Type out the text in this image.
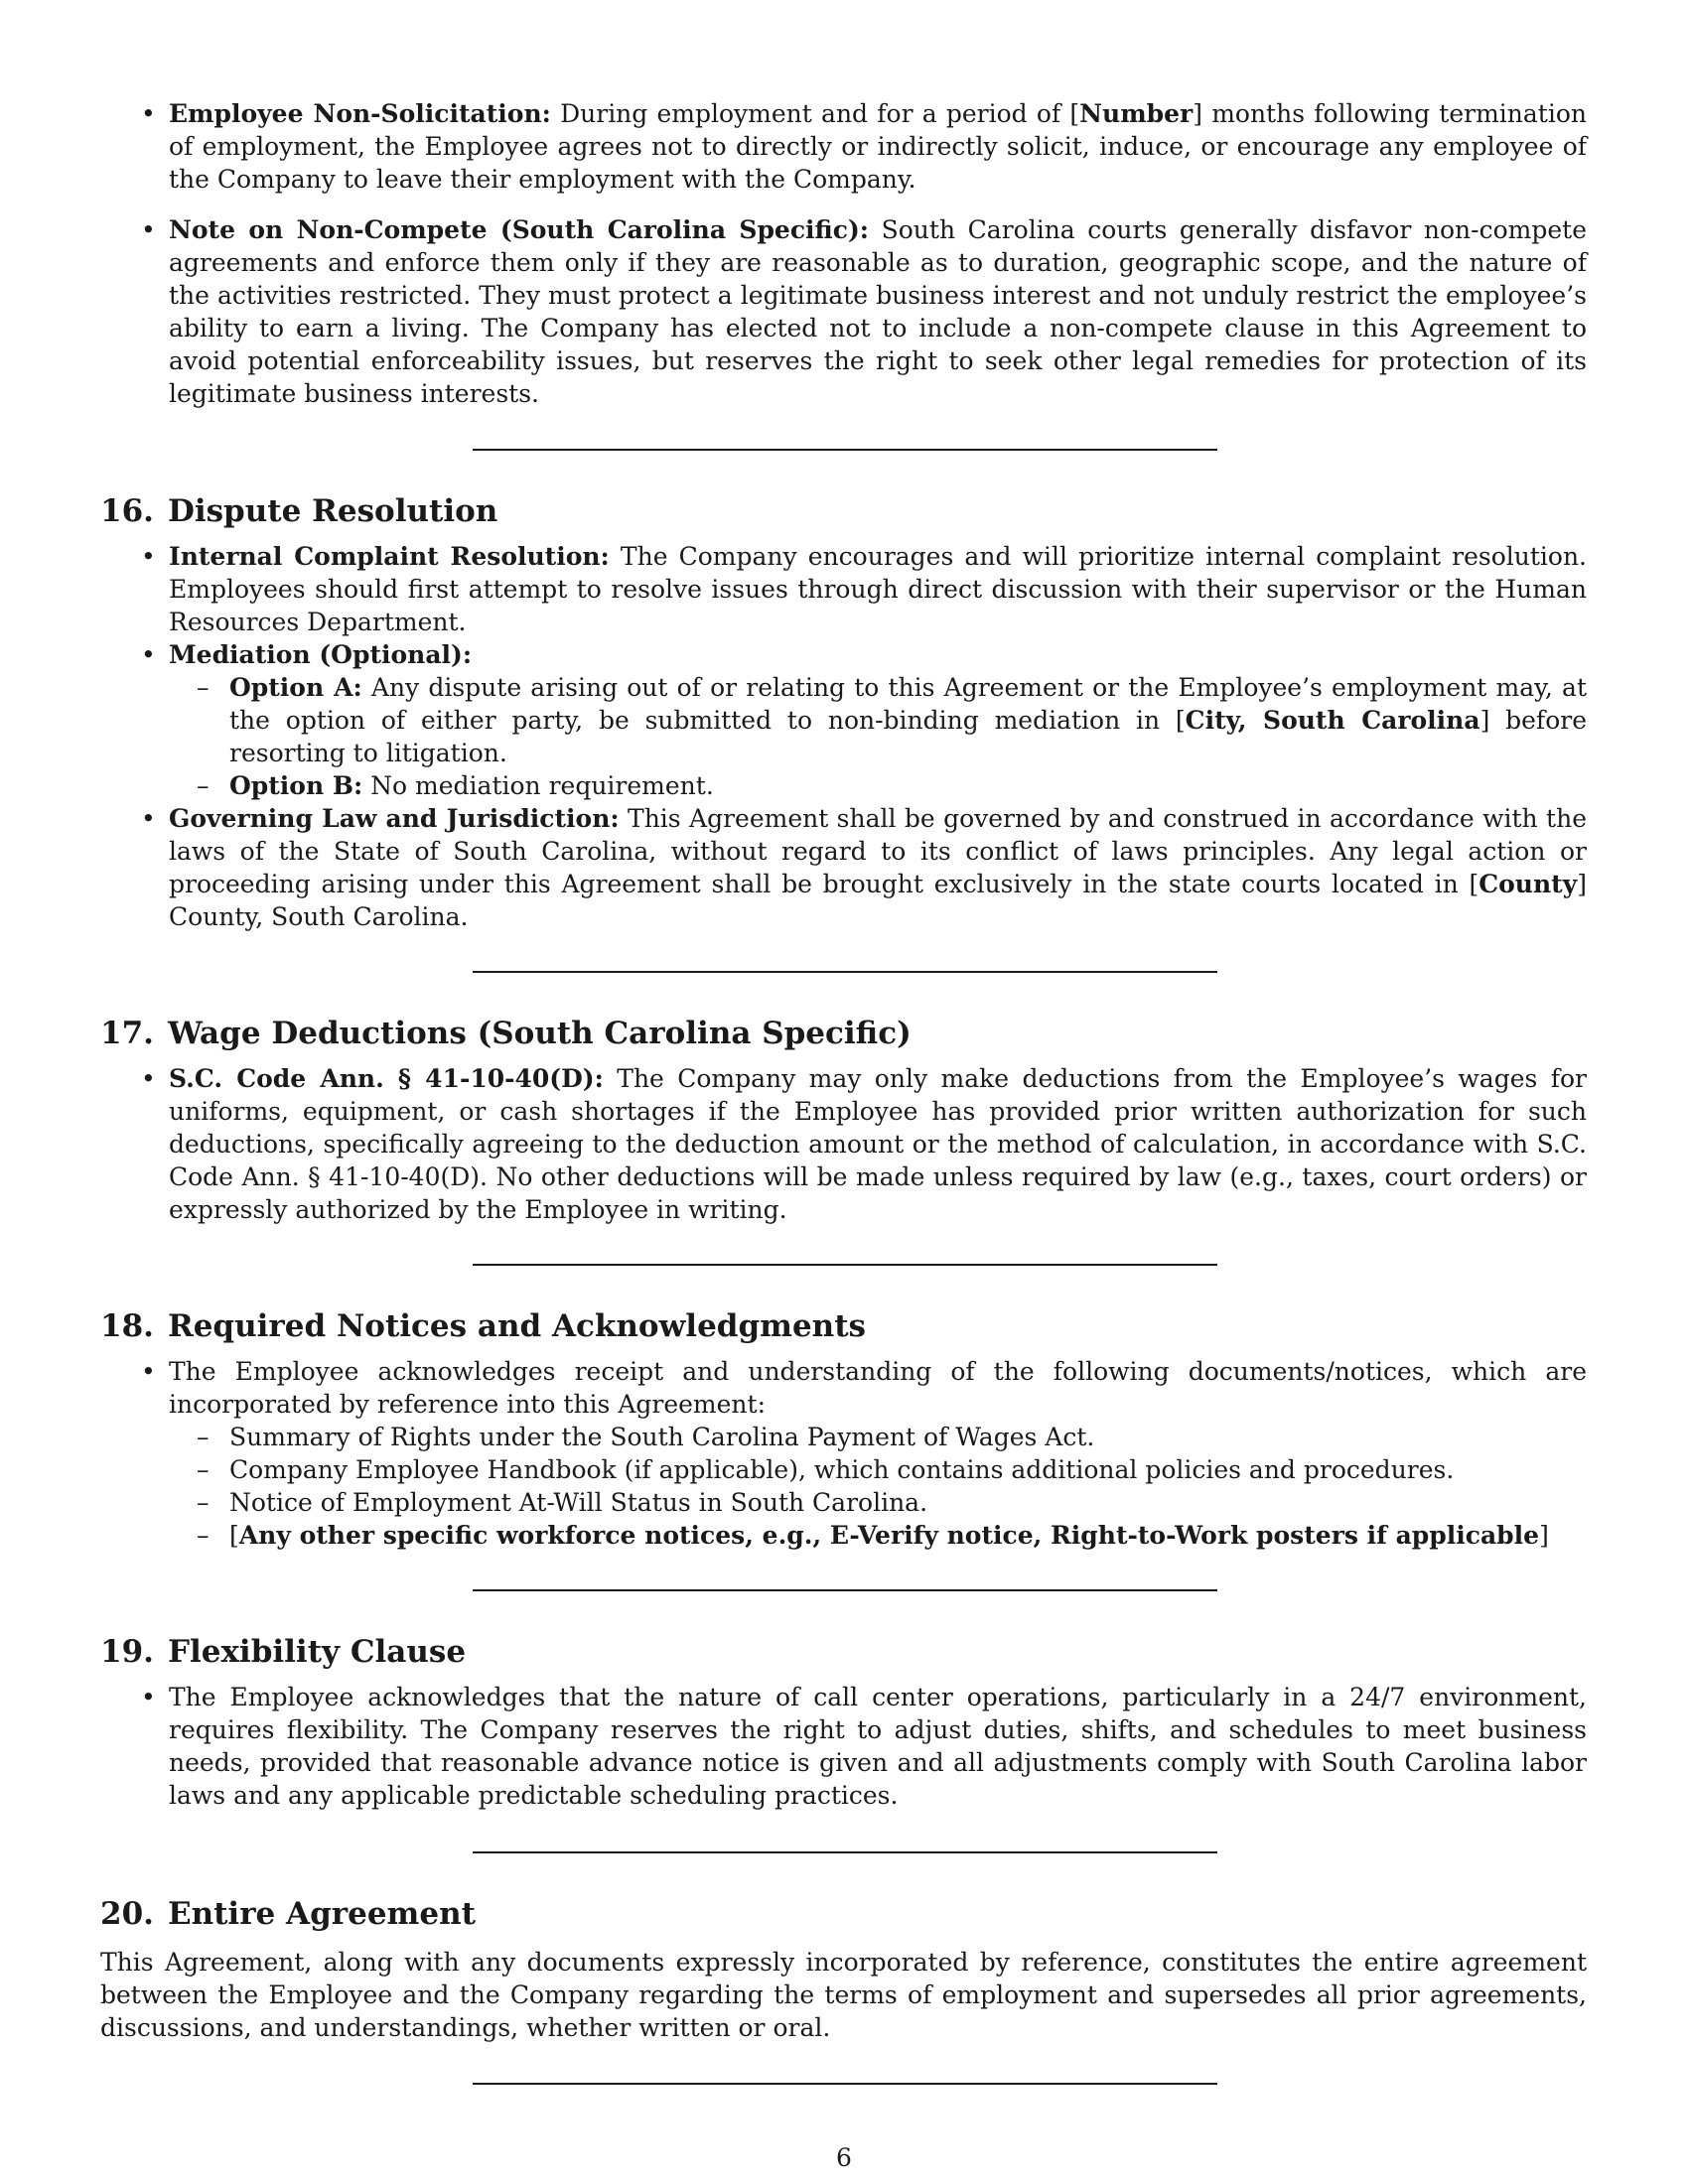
• Employee Non-Solicitation: During employment and for a period of [Number] months following termination of employment, the Employee agrees not to directly or indirectly solicit, induce, or encourage any employee of the Company to leave their employment with the Company.
• Note on Non-Compete (South Carolina Specific): South Carolina courts generally disfavor non-compete agreements and enforce them only if they are reasonable as to duration, geographic scope, and the nature of the activities restricted. They must protect a legitimate business interest and not unduly restrict the employee’s ability to earn a living. The Company has elected not to include a non-compete clause in this Agreement to avoid potential enforceability issues, but reserves the right to seek other legal remedies for protection of its legitimate business interests.
16. Dispute Resolution
• Internal Complaint Resolution: The Company encourages and will prioritize internal complaint resolution. Employees should first attempt to resolve issues through direct discussion with their supervisor or the Human Resources Department.
• Mediation (Optional):
– Option A: Any dispute arising out of or relating to this Agreement or the Employee’s employment may, at the option of either party, be submitted to non-binding mediation in [City, South Carolina] before resorting to litigation.
– Option B: No mediation requirement.
• Governing Law and Jurisdiction: This Agreement shall be governed by and construed in accordance with the laws of the State of South Carolina, without regard to its conflict of laws principles. Any legal action or proceeding arising under this Agreement shall be brought exclusively in the state courts located in [County] County, South Carolina.
17. Wage Deductions (South Carolina Specific)
• S.C. Code Ann. § 41-10-40(D): The Company may only make deductions from the Employee’s wages for uniforms, equipment, or cash shortages if the Employee has provided prior written authorization for such deductions, specifically agreeing to the deduction amount or the method of calculation, in accordance with S.C. Code Ann. § 41-10-40(D). No other deductions will be made unless required by law (e.g., taxes, court orders) or expressly authorized by the Employee in writing.
18. Required Notices and Acknowledgments
• The Employee acknowledges receipt and understanding of the following documents/notices, which are incorporated by reference into this Agreement:
– Summary of Rights under the South Carolina Payment of Wages Act.
– Company Employee Handbook (if applicable), which contains additional policies and procedures.
– Notice of Employment At-Will Status in South Carolina.
– [Any other specific workforce notices, e.g., E-Verify notice, Right-to-Work posters if applicable]
19. Flexibility Clause
• The Employee acknowledges that the nature of call center operations, particularly in a 24/7 environment, requires flexibility. The Company reserves the right to adjust duties, shifts, and schedules to meet business needs, provided that reasonable advance notice is given and all adjustments comply with South Carolina labor laws and any applicable predictable scheduling practices.
20. Entire Agreement

This Agreement, along with any documents expressly incorporated by reference, constitutes the entire agreement between the Employee and the Company regarding the terms of employment and supersedes all prior agreements, discussions, and understandings, whether written or oral.

6
